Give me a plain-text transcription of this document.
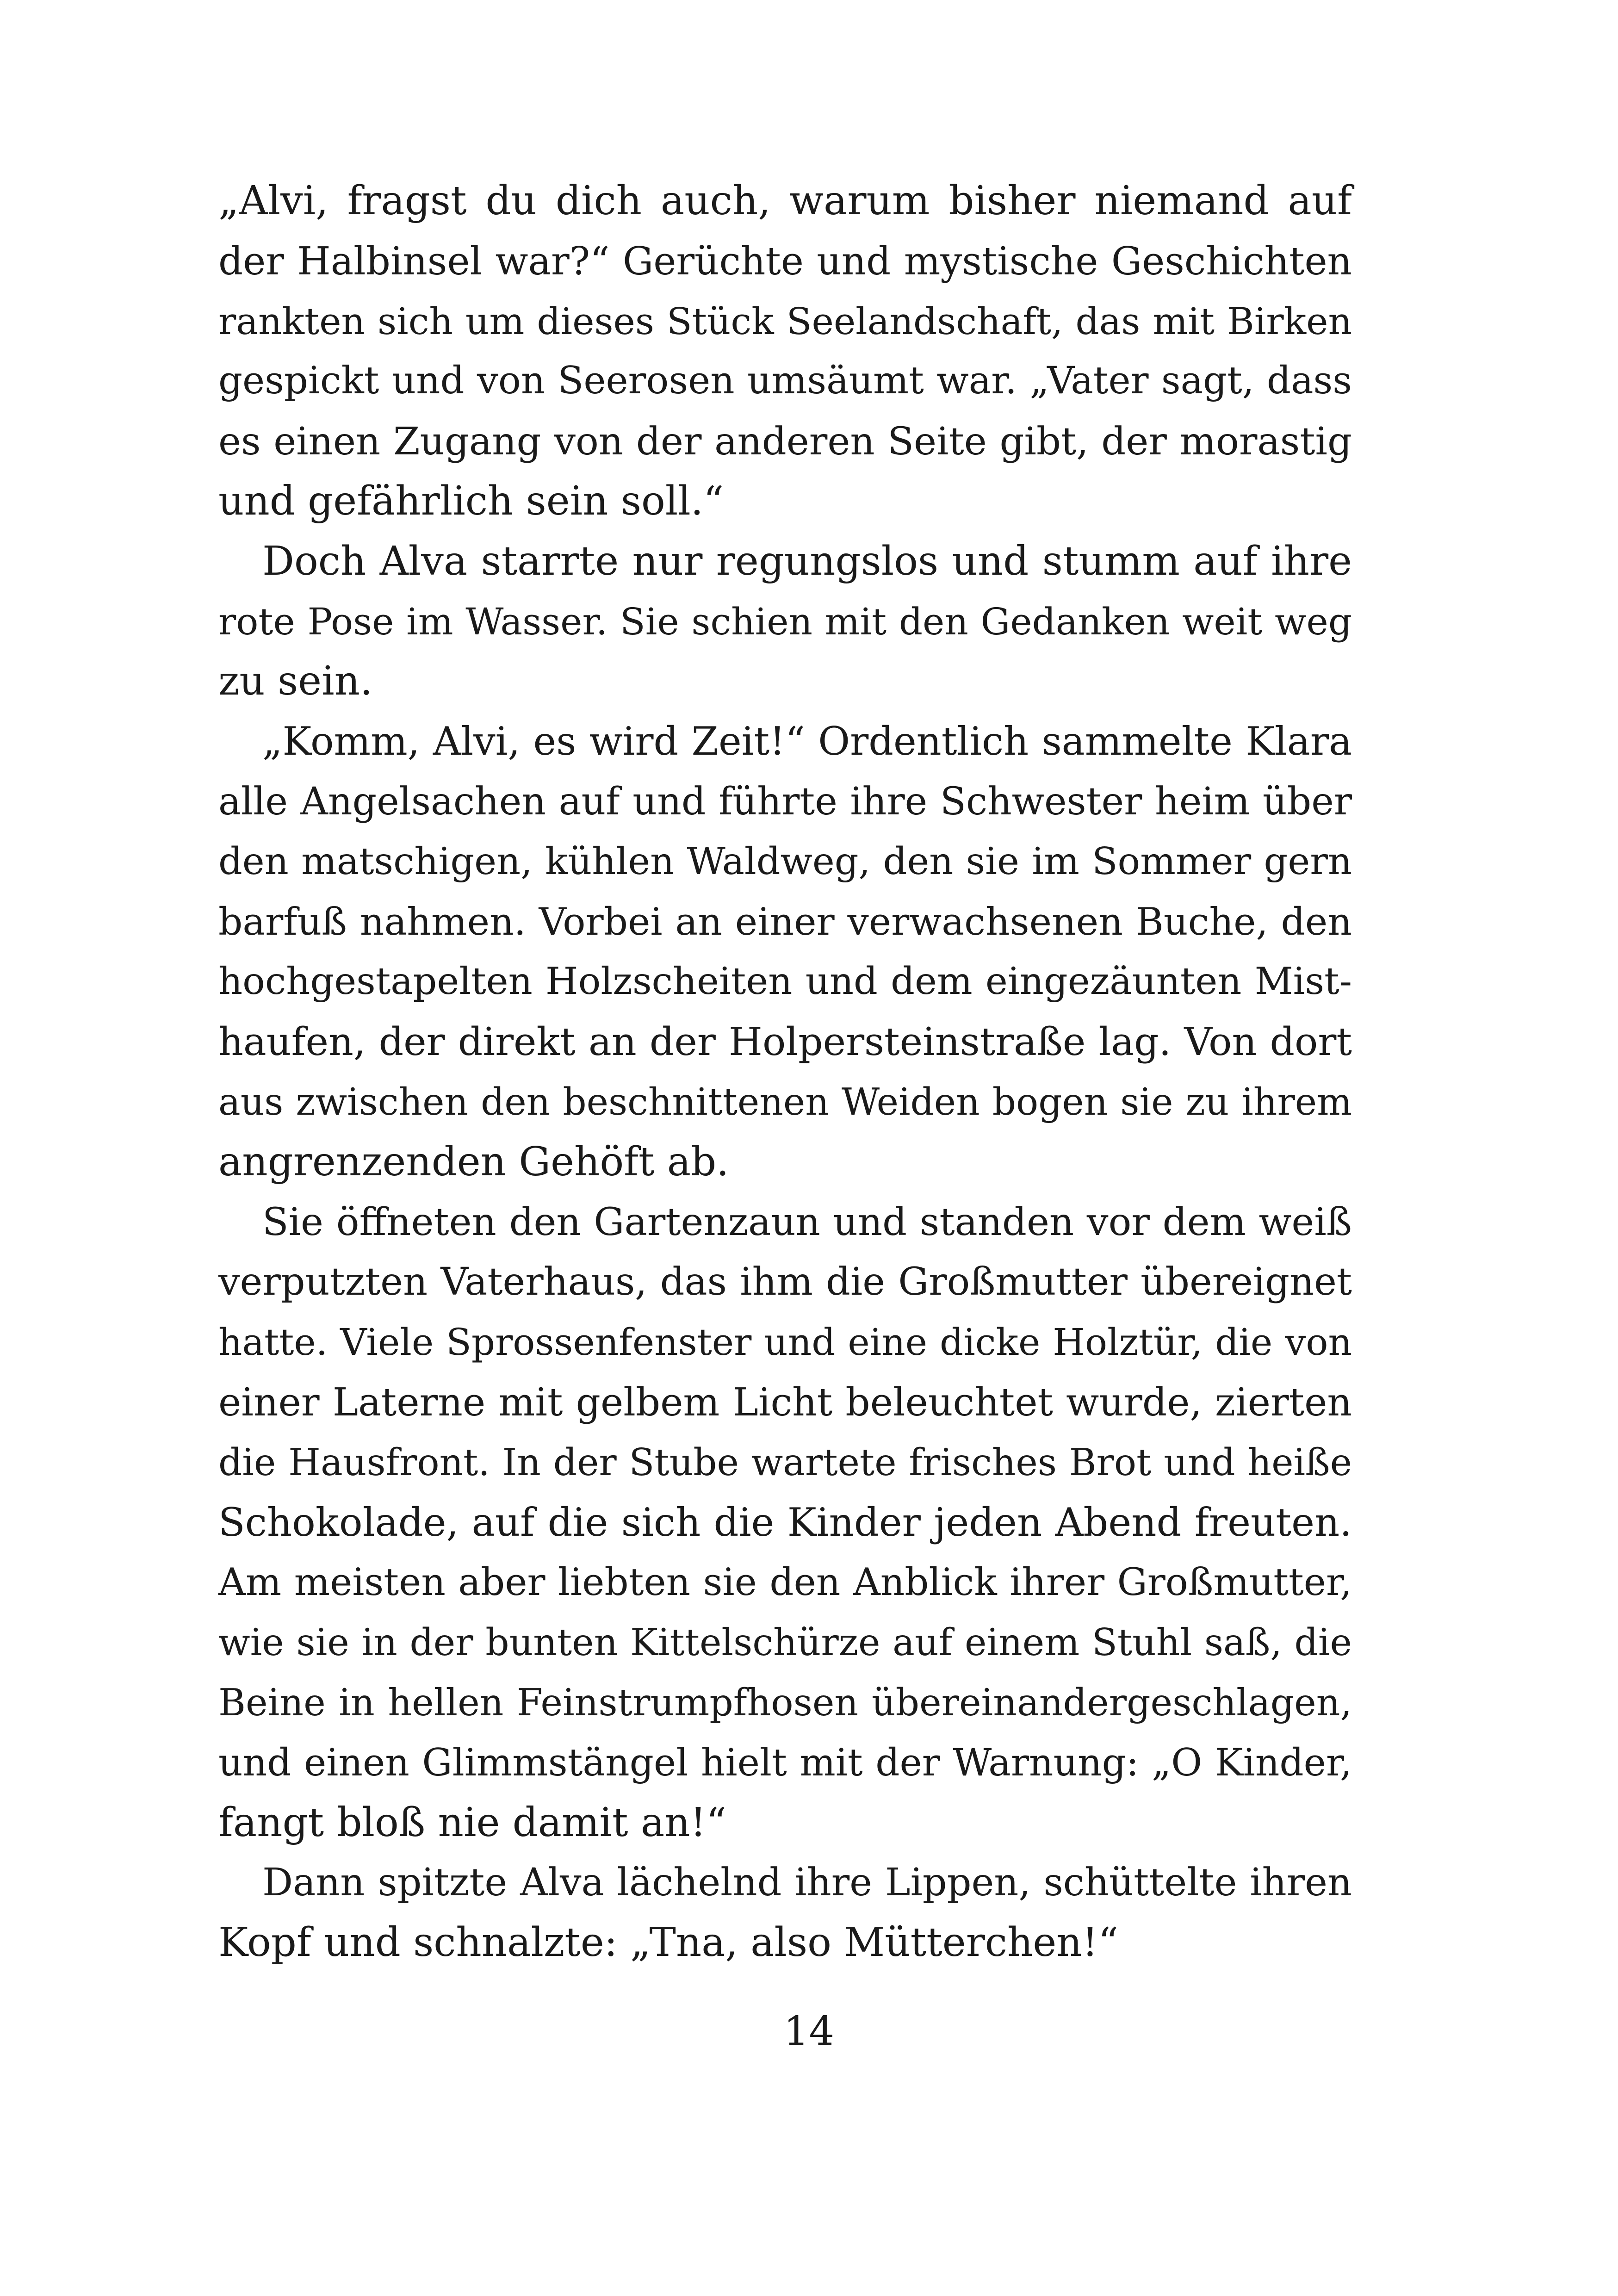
„Alvi, fragst du dich auch, warum bisher niemand auf
der Halbinsel war?“ Gerüchte und mystische Geschichten
rankten sich um dieses Stück Seelandschaft, das mit Birken
gespickt und von Seerosen umsäumt war. „Vater sagt, dass
es einen Zugang von der anderen Seite gibt, der morastig
und gefährlich sein soll.“
Doch Alva starrte nur regungslos und stumm auf ihre
rote Pose im Wasser. Sie schien mit den Gedanken weit weg
zu sein.
„Komm, Alvi, es wird Zeit!“ Ordentlich sammelte Klara
alle Angelsachen auf und führte ihre Schwester heim über
den matschigen, kühlen Waldweg, den sie im Sommer gern
barfuß nahmen. Vorbei an einer verwachsenen Buche, den
hochgestapelten Holzscheiten und dem eingezäunten Mist-
haufen, der direkt an der Holpersteinstraße lag. Von dort
aus zwischen den beschnittenen Weiden bogen sie zu ihrem
angrenzenden Gehöft ab.
Sie öffneten den Gartenzaun und standen vor dem weiß
verputzten Vaterhaus, das ihm die Großmutter übereignet
hatte. Viele Sprossenfenster und eine dicke Holztür, die von
einer Laterne mit gelbem Licht beleuchtet wurde, zierten
die Hausfront. In der Stube wartete frisches Brot und heiße
Schokolade, auf die sich die Kinder jeden Abend freuten.
Am meisten aber liebten sie den Anblick ihrer Großmutter,
wie sie in der bunten Kittelschürze auf einem Stuhl saß, die
Beine in hellen Feinstrumpfhosen übereinandergeschlagen,
und einen Glimmstängel hielt mit der Warnung: „O Kinder,
fangt bloß nie damit an!“
Dann spitzte Alva lächelnd ihre Lippen, schüttelte ihren
Kopf und schnalzte: „Tna, also Mütterchen!“
14
